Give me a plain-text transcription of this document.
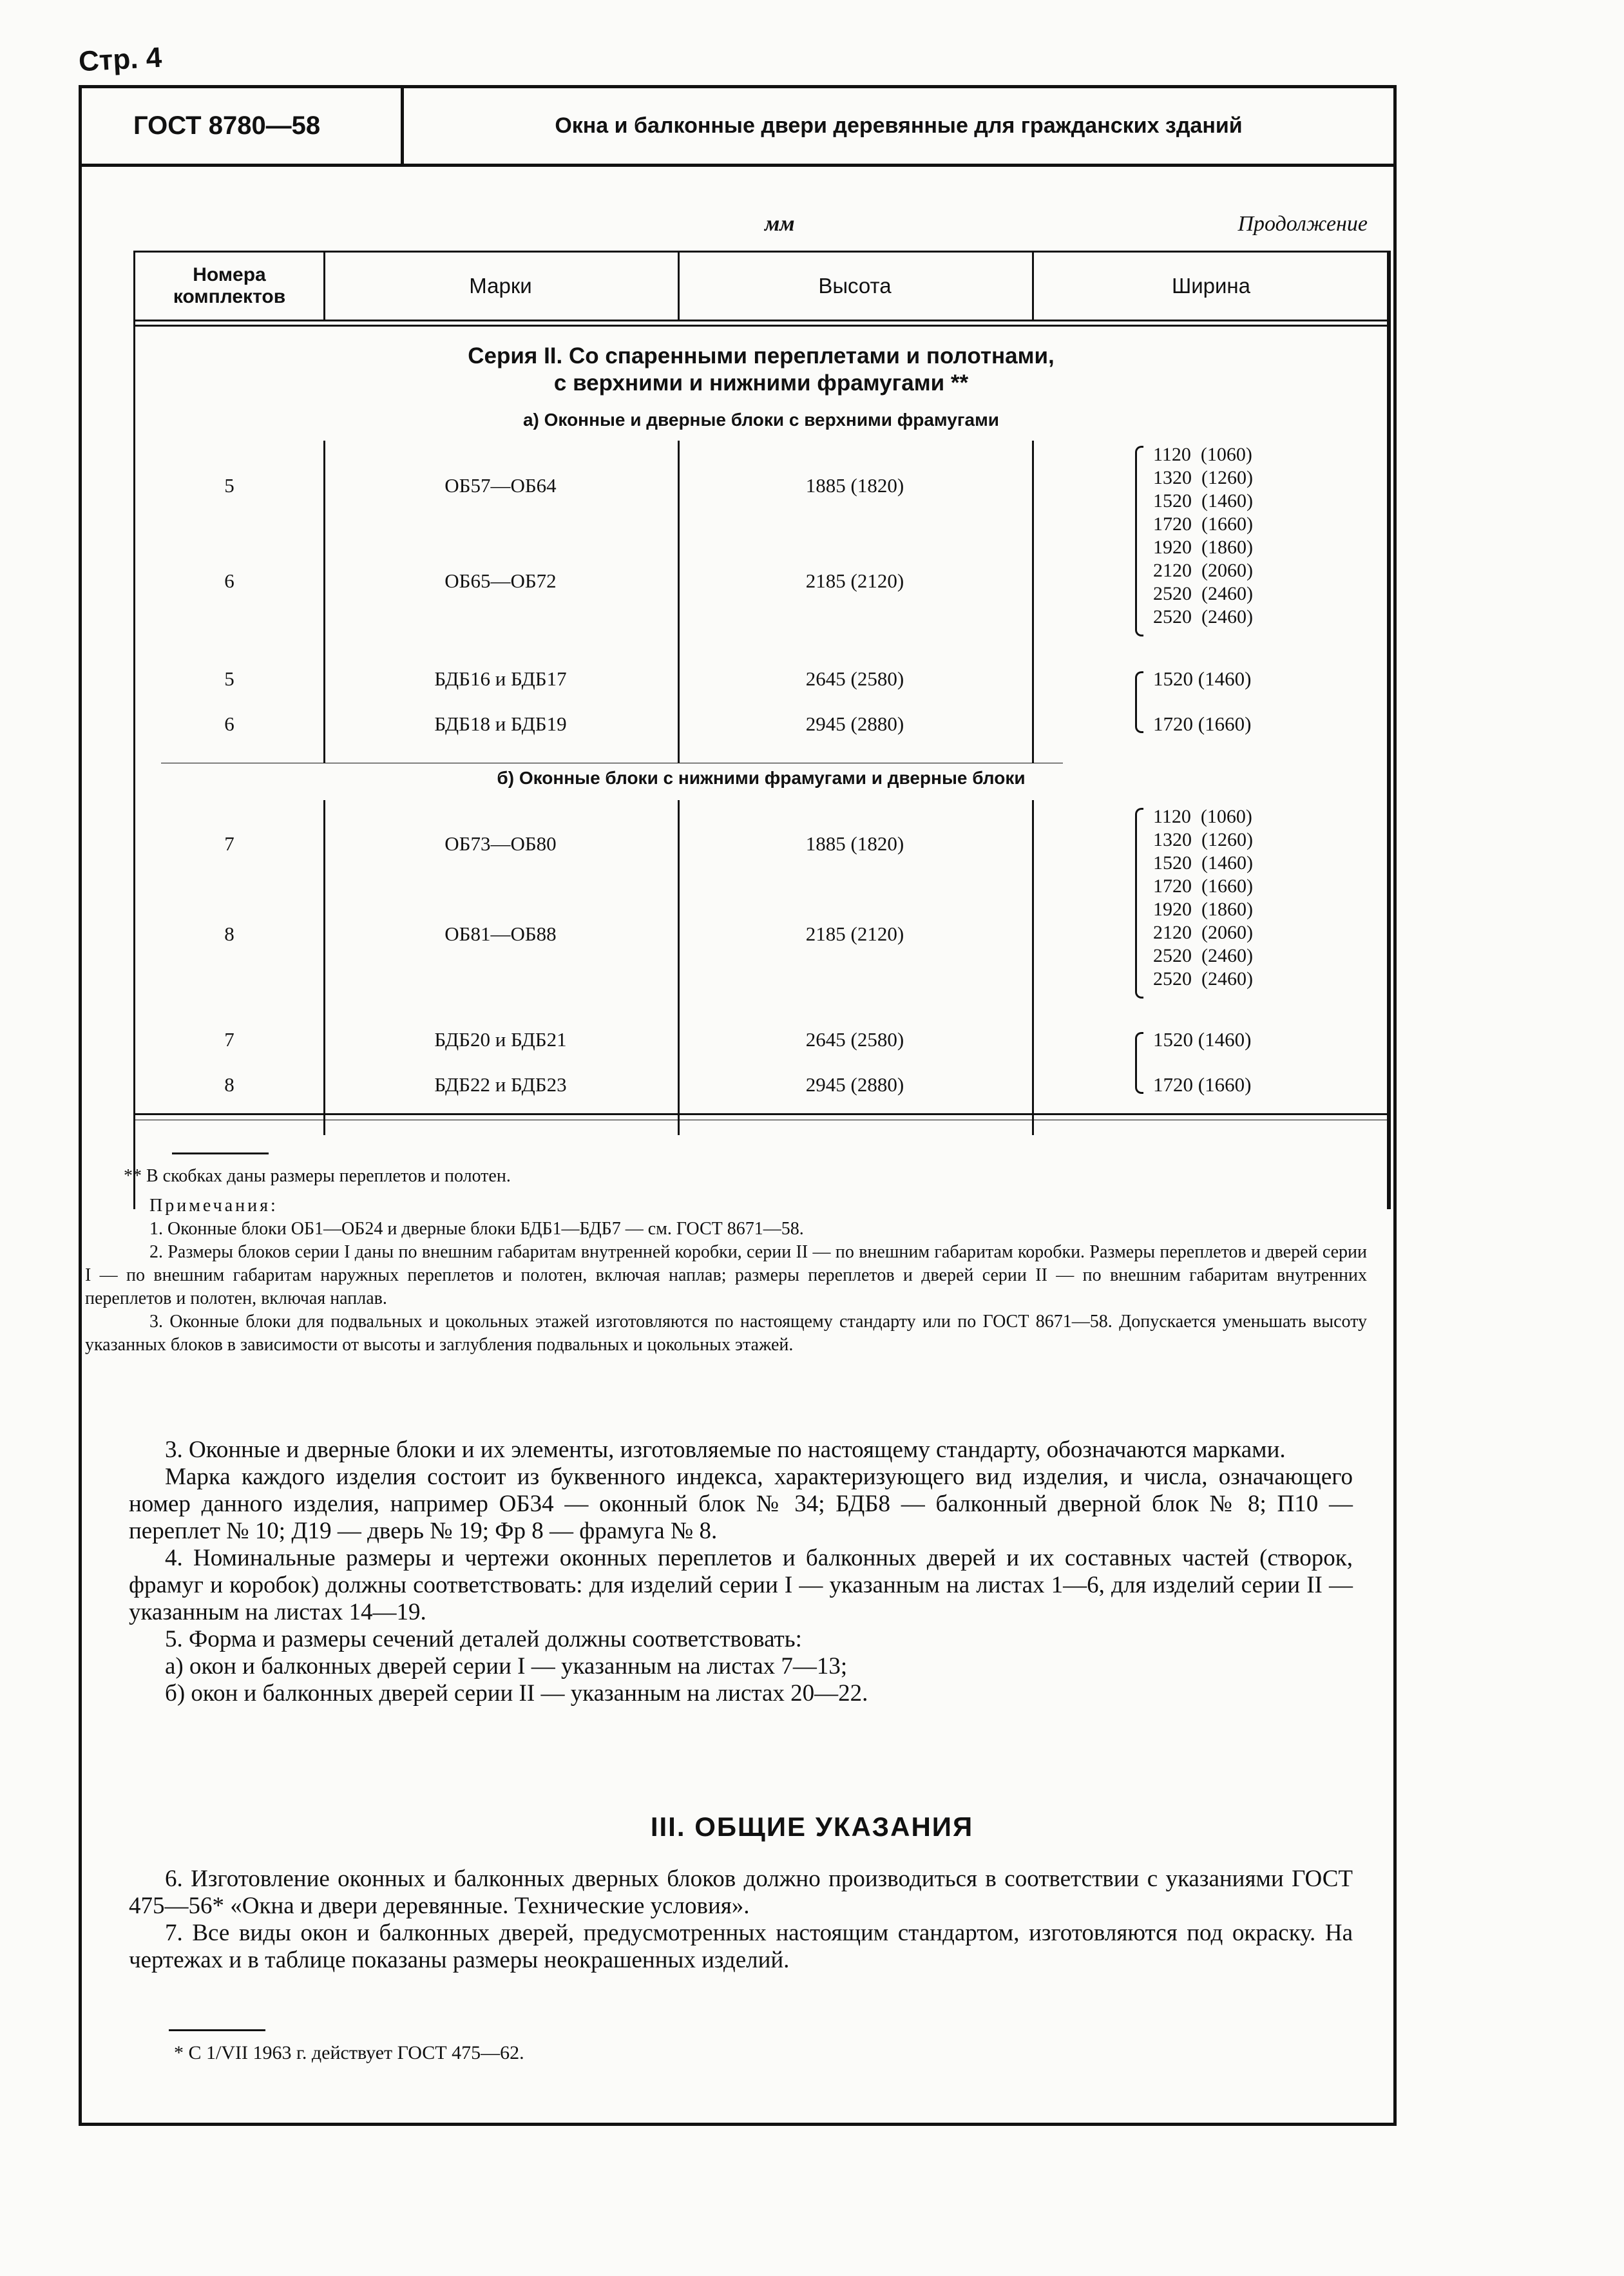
Стр. 4
ГОСТ 8780—58	Окна и балконные двери деревянные для гражданских зданий
мм	Продолжение
Номера комплектов	Марки	Высота	Ширина
Серия II. Со спаренными переплетами и полотнами,
с верхними и нижними фрамугами **
а) Оконные и дверные блоки с верхними фрамугами
5	ОБ57—ОБ64	1885 (1820)
6	ОБ65—ОБ72	2185 (2120)
1120  (1060)
1320  (1260)
1520  (1460)
1720  (1660)
1920  (1860)
2120  (2060)
2520  (2460)
2520  (2460)
5	БДБ16 и БДБ17	2645 (2580)	1520 (1460)
6	БДБ18 и БДБ19	2945 (2880)	1720 (1660)
б) Оконные блоки с нижними фрамугами и дверные блоки
7	ОБ73—ОБ80	1885 (1820)
8	ОБ81—ОБ88	2185 (2120)
1120  (1060)
1320  (1260)
1520  (1460)
1720  (1660)
1920  (1860)
2120  (2060)
2520  (2460)
2520  (2460)
7	БДБ20 и БДБ21	2645 (2580)	1520 (1460)
8	БДБ22 и БДБ23	2945 (2880)	1720 (1660)
** В скобках даны размеры переплетов и полотен.
Примечания:
1. Оконные блоки ОБ1—ОБ24 и дверные блоки БДБ1—БДБ7 — см. ГОСТ 8671—58.
2. Размеры блоков серии I даны по внешним габаритам внутренней коробки, серии II — по внешним габаритам коробки. Размеры переплетов и дверей серии I — по внешним габаритам наружных переплетов и полотен, включая наплав; размеры переплетов и дверей серии II — по внешним габаритам внутренних переплетов и полотен, включая наплав.
3. Оконные блоки для подвальных и цокольных этажей изготовляются по настоящему стандарту или по ГОСТ 8671—58. Допускается уменьшать высоту указанных блоков в зависимости от высоты и заглубления подвальных и цокольных этажей.

3. Оконные и дверные блоки и их элементы, изготовляемые по настоящему стандарту, обозначаются марками.

Марка каждого изделия состоит из буквенного индекса, характеризующего вид изделия, и числа, означающего номер данного изделия, например ОБ34 — оконный блок № 34; БДБ8 — балконный дверной блок № 8; П10 — переплет № 10; Д19 — дверь № 19; Фр 8 — фрамуга № 8.

4. Номинальные размеры и чертежи оконных переплетов и балконных дверей и их составных частей (створок, фрамуг и коробок) должны соответствовать: для изделий серии I — указанным на листах 1—6, для изделий серии II — указанным на листах 14—19.

5. Форма и размеры сечений деталей должны соответствовать:

а) окон и балконных дверей серии I — указанным на листах 7—13;

б) окон и балконных дверей серии II — указанным на листах 20—22.

III. ОБЩИЕ УКАЗАНИЯ

6. Изготовление оконных и балконных дверных блоков должно производиться в соответствии с указаниями ГОСТ 475—56* «Окна и двери деревянные. Технические условия».

7. Все виды окон и балконных дверей, предусмотренных настоящим стандартом, изготовляются под окраску. На чертежах и в таблице показаны размеры неокрашенных изделий.

* С 1/VII 1963 г. действует ГОСТ 475—62.
